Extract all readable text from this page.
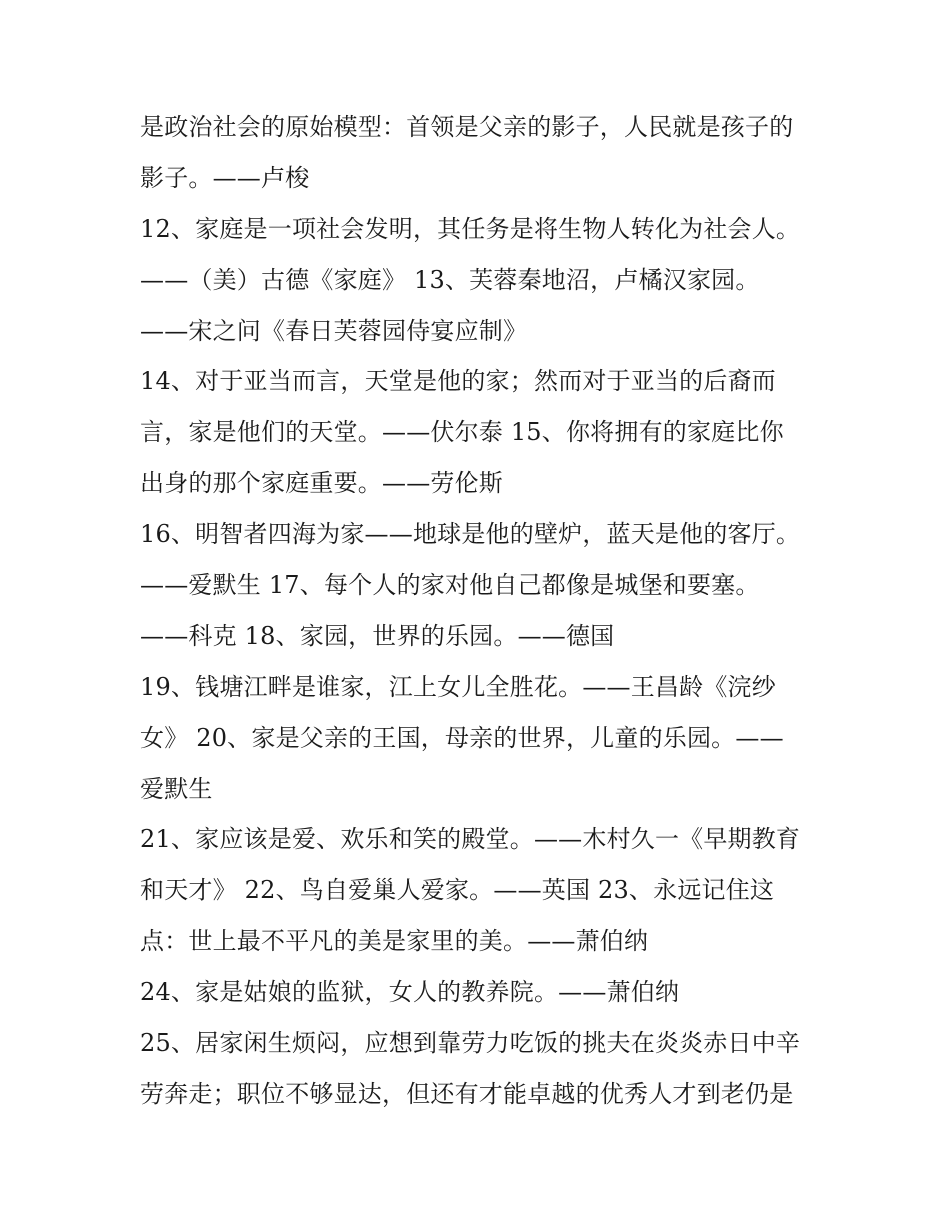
是政治社会的原始模型：首领是父亲的影子，人民就是孩子的
影子。——卢梭
12、家庭是一项社会发明，其任务是将生物人转化为社会人。
——（美）古德《家庭》 13、芙蓉秦地沼，卢橘汉家园。
——宋之问《春日芙蓉园侍宴应制》
14、对于亚当而言，天堂是他的家；然而对于亚当的后裔而
言，家是他们的天堂。——伏尔泰 15、你将拥有的家庭比你
出身的那个家庭重要。——劳伦斯
16、明智者四海为家——地球是他的壁炉，蓝天是他的客厅。
——爱默生 17、每个人的家对他自己都像是城堡和要塞。
——科克 18、家园，世界的乐园。——德国
19、钱塘江畔是谁家，江上女儿全胜花。——王昌龄《浣纱
女》 20、家是父亲的王国，母亲的世界，儿童的乐园。——
爱默生
21、家应该是爱、欢乐和笑的殿堂。——木村久一《早期教育
和天才》 22、鸟自爱巢人爱家。——英国 23、永远记住这
点：世上最不平凡的美是家里的美。——萧伯纳
24、家是姑娘的监狱，女人的教养院。——萧伯纳
25、居家闲生烦闷，应想到靠劳力吃饭的挑夫在炎炎赤日中辛
劳奔走；职位不够显达，但还有才能卓越的优秀人才到老仍是
